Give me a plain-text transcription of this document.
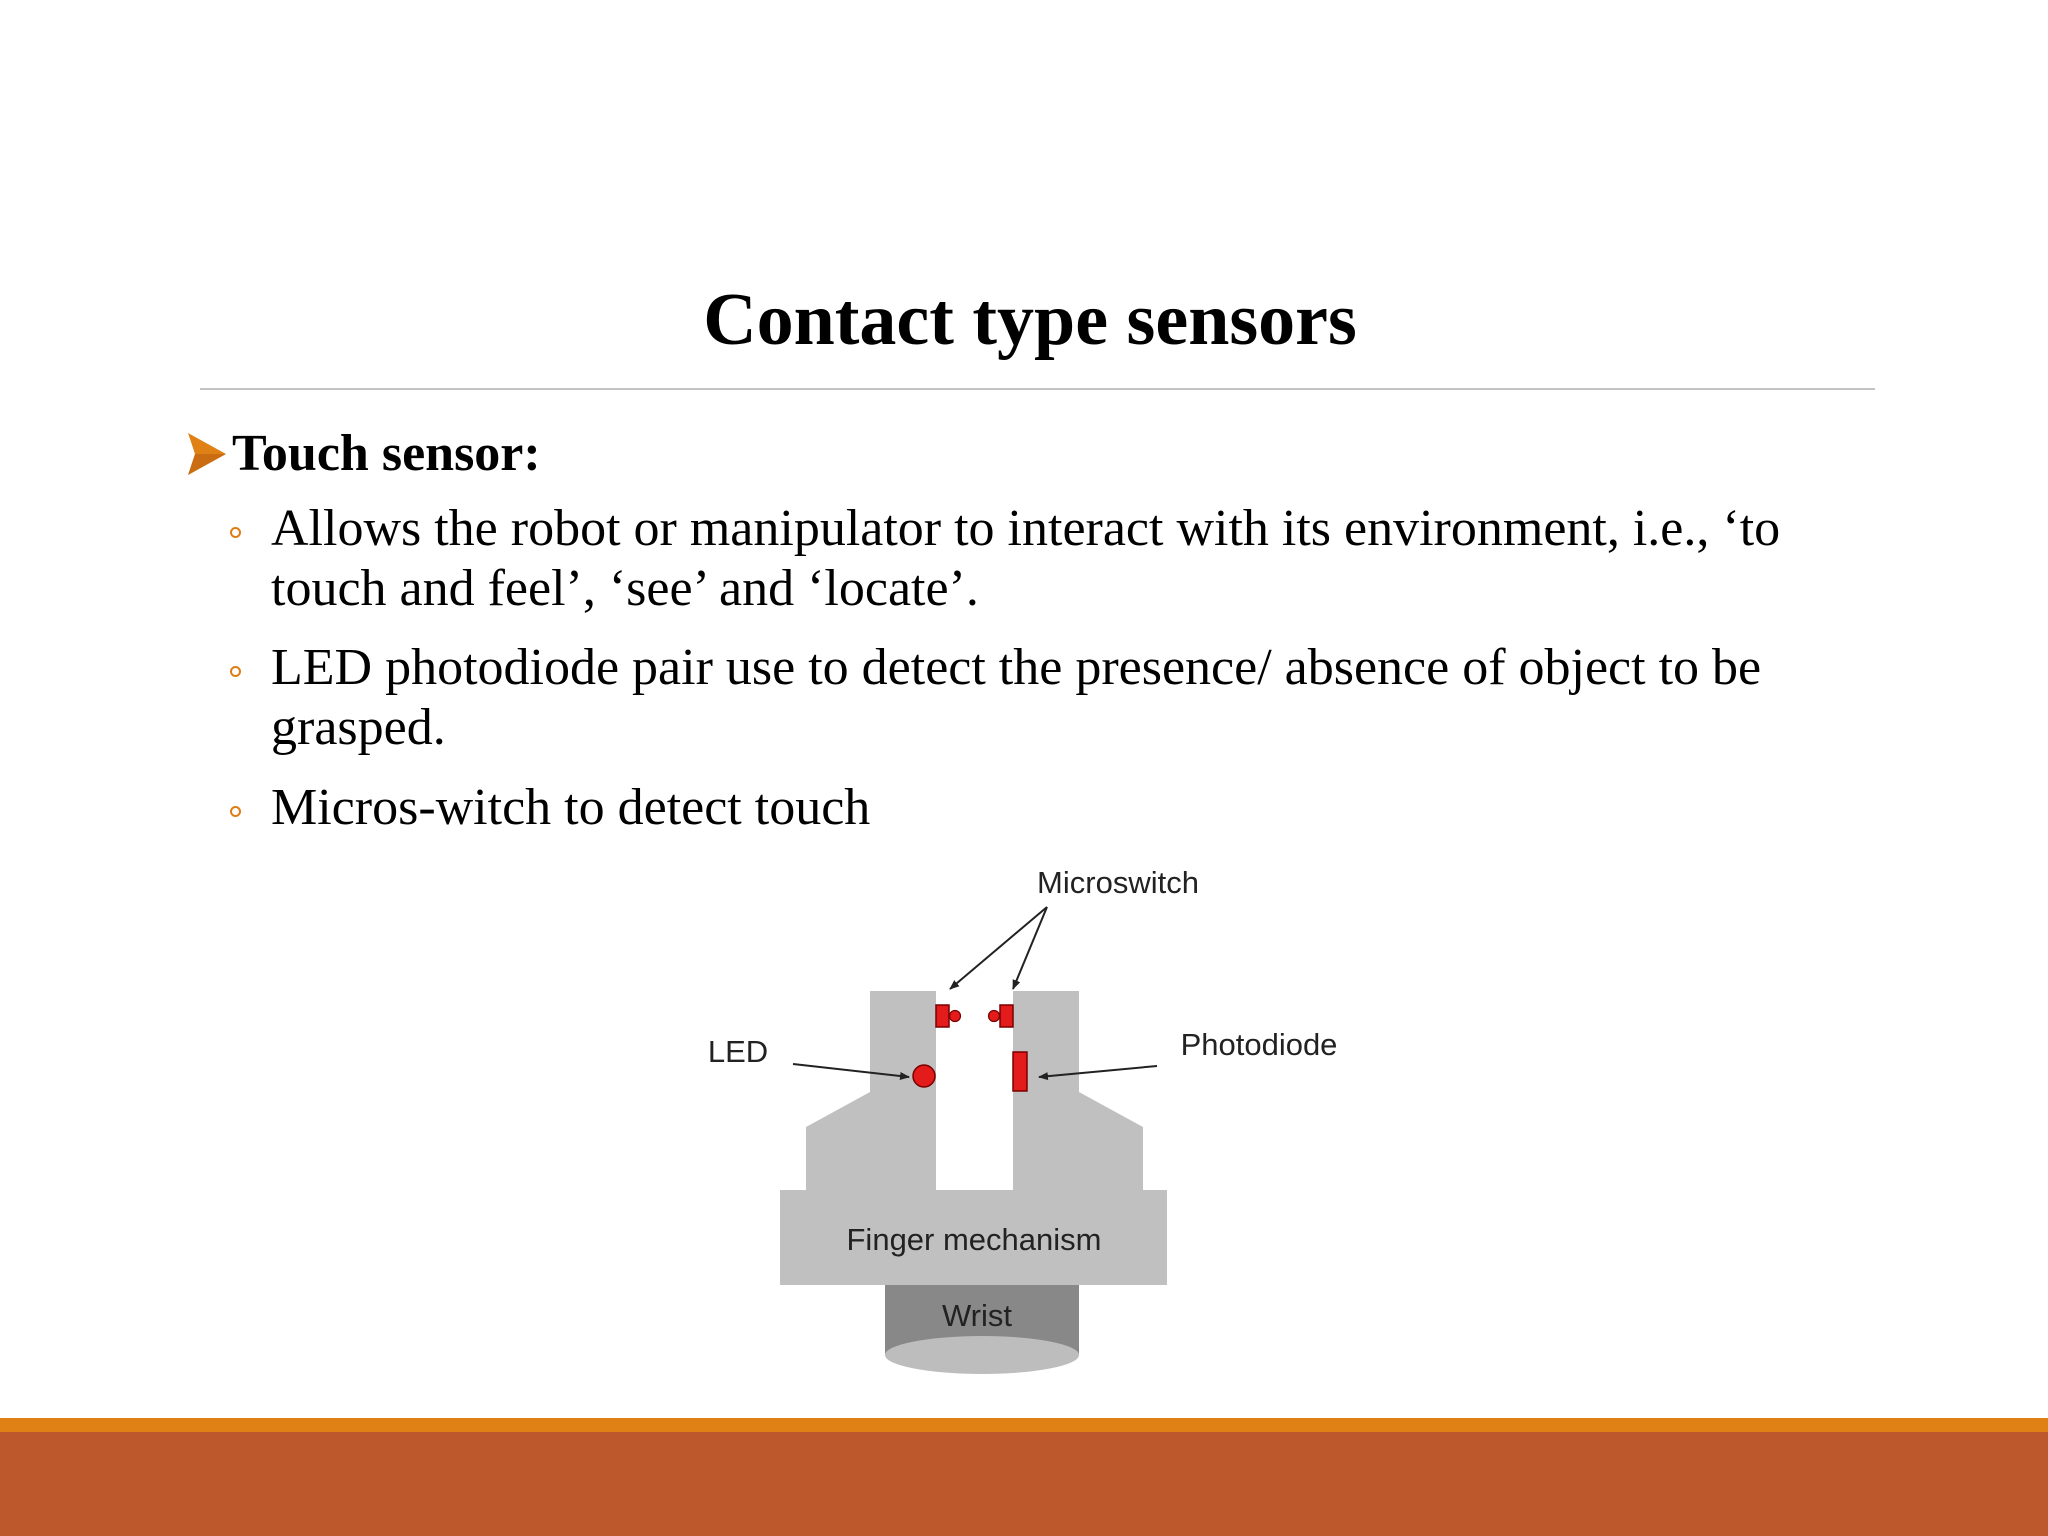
Contact type sensors
Touch sensor:
Allows the robot or manipulator to interact with its environment, i.e., ‘to touch and feel’, ‘see’ and ‘locate’.
LED photodiode pair use to detect the presence/ absence of object to be grasped.
Micros-witch to detect touch
Microswitch
LED	Photodiode
Finger mechanism
Wrist
